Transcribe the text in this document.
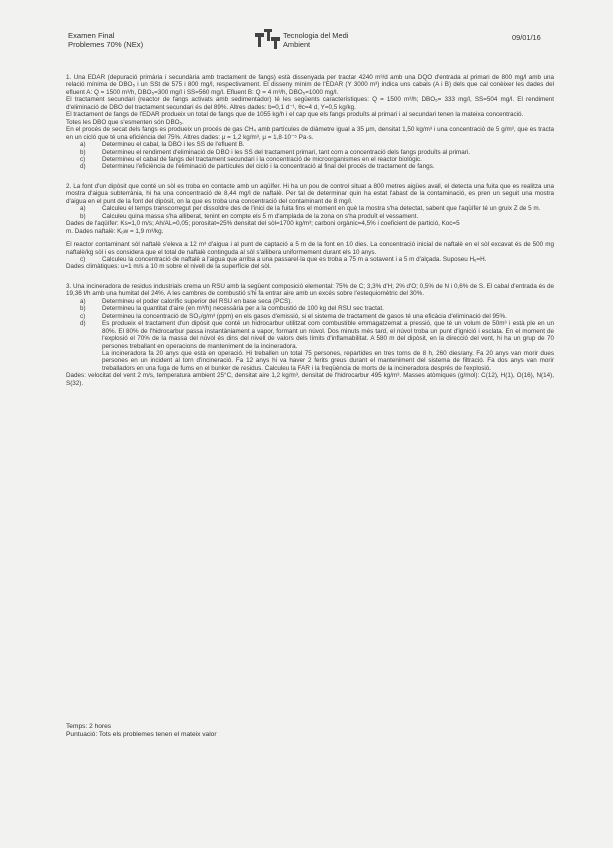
Examen Final
Problemes 70% (NEx)
Tecnologia del Medi
Ambient
09/01/16

1. Una EDAR (depuració primària i secundària amb tractament de fangs) està dissenyada per tractar 4240 m³/d amb una DQO d'entrada al primari de 800 mg/l amb una relació mínima de DBO₅ i un SSt de 575 i 800 mg/l, respectivament. El disseny mínim de l'EDAR (Y 3000 m³) indica uns cabals (A i B) dels que cal conèixer les dades del efluent A: Q = 1500 m³/h, DBO₅=300 mg/l i SS=560 mg/l. Efluent B: Q = 4 m³/h, DBO₅=1000 mg/l.

El tractament secundari (reactor de fangs activats amb sedimentador) té les següents característiques: Q = 1500 m³/h; DBO₅= 333 mg/l, SS=504 mg/l. El rendiment d'eliminació de DBO del tractament secundari és del 89%. Altres dades: b=0,1 d⁻¹, θc=4 d, Y=0,5 kg/kg.

El tractament de fangs de l'EDAR produeix un total de fangs que de 1055 kg/h i el cap que els fangs produïts al primari i al secundari tenen la mateixa concentració.

Totes les DBO que s'esmenten són DBO₅.

En el procés de secat dels fangs es produeix un procés de gas CH₄ amb partícules de diàmetre igual a 35 μm, densitat 1,50 kg/m³ i una concentració de 5 g/m³, que es tracta en un cicló que té una eficiència del 75%. Altres dades: μ = 1,2 kg/m³, μ = 1,8·10⁻⁵ Pa·s.

a)	Determineu el cabal, la DBO i les SS de l'efluent B.
b)	Determineu el rendiment d'eliminació de DBO i les SS del tractament primari, tant com a concentració dels fangs produïts al primari.
c)	Determineu el cabal de fangs del tractament secundari i la concentració de microorganismes en el reactor biològic.
d)	Determineu l'eficiència de l'eliminació de partícules del cicló i la concentració al final del procés de tractament de fangs.

2. La font d'un dipòsit que conté un sòl es troba en contacte amb un aqüífer. Hi ha un pou de control situat a 800 metres aigües avall, el detecta una fuita que es realitza una mostra d'aigua subterrània, hi ha una concentració de 8,44 mg/l de naftalè. Per tal de determinar quin ha estat l'abast de la contaminació, es pren un seguit una mostra d'aigua en el punt de la font del dipòsit, on la que es troba una concentració del contaminant de 8 mg/l.

a)	Calculeu el temps transcorregut per dissoldre des de l'inici de la fuita fins el moment en què la mostra s'ha detectat, sabent que l'aqüífer té un gruix Z de 5 m.
b)	Calculeu quina massa s'ha alliberat, tenint en compte els 5 m d'amplada de la zona on s'ha produït el vessament.

Dades de l'aqüífer: Ks=1,0 m/s; Ah/AL=0,05; porositat=25% densitat del sòl=1700 kg/m³; carboni orgànic=4,5% i coeficient de partició, Koc=5

m. Dades naftalè: Kₒw = 1,9 m³/kg.

El reactor contaminant sòl naftalè s'eleva a 12 m³ d'aigua i al punt de captació a 5 m de la font en 10 dies. La concentració inicial de naftalè en el sòl excavat és de 500 mg naftalè/kg sòl i es considera que el total de naftalè continguda al sòl s'allibera uniformement durant els 10 anys.

c)	Calculeu la concentració de naftalè a l'aigua que arriba a una passarel·la que es troba a 75 m a sotavent i a 5 m d'alçada. Suposeu Hₑ=H.

Dades climàtiques: u=1 m/s a 10 m sobre el nivell de la superfície del sòl.

3. Una incineradora de residus industrials crema un RSU amb la següent composició elemental: 75% de C; 3,3% d'H; 2% d'O; 0,5% de N i 0,6% de S. El cabal d'entrada és de 19,36 t/h amb una humitat del 24%. A les cambres de combustió s'hi fa entrar aire amb un excés sobre l'estequiomètric del 30%.

a)	Determineu el poder calorífic superior del RSU en base seca (PCS).
b)	Determineu la quantitat d'aire (en m³/h) necessària per a la combustió de 100 kg del RSU sec tractat.
c)	Determineu la concentració de SO₂/g/m³ (ppm) en els gasos d'emissió, si el sistema de tractament de gasos té una eficàcia d'eliminació del 95%.
d)	Es produeix el tractament d'un dipòsit que conté un hidrocarbur utilitzat com combustible emmagatzemat a pressió, que té un volum de 50m³ i està ple en un 80%. El 80% de l'hidrocarbur passa instantàniament a vapor, formant un núvol. Dos minuts més tard, el núvol troba un punt d'ignició i esclata. En el moment de l'explosió el 70% de la massa del núvol és dins del nivell de valors dels límits d'inflamabilitat. A 580 m del dipòsit, en la direcció del vent, hi ha un grup de 70 persones treballant en operacions de manteniment de la incineradora.

La incineradora fa 20 anys que està en operació. Hi treballen un total 75 persones, repartides en tres torns de 8 h, 260 dies/any. Fa 20 anys van morir dues persones en un incident al torn d'incineració. Fa 12 anys hi va haver 2 ferits greus durant el manteniment del sistema de filtració. Fa dos anys van morir treballadors en una fuga de fums en el bunker de residus. Calculeu la FAR i la freqüència de morts de la incineradora després de l'explosió.

Dades: velocitat del vent 2 m/s, temperatura ambient 25°C, densitat aire 1,2 kg/m³, densitat de l'hidrocarbur 495 kg/m³. Masses atòmiques (g/mol): C(12), H(1), O(16), N(14), S(32).

Temps: 2 hores
Puntuació: Tots els problemes tenen el mateix valor
